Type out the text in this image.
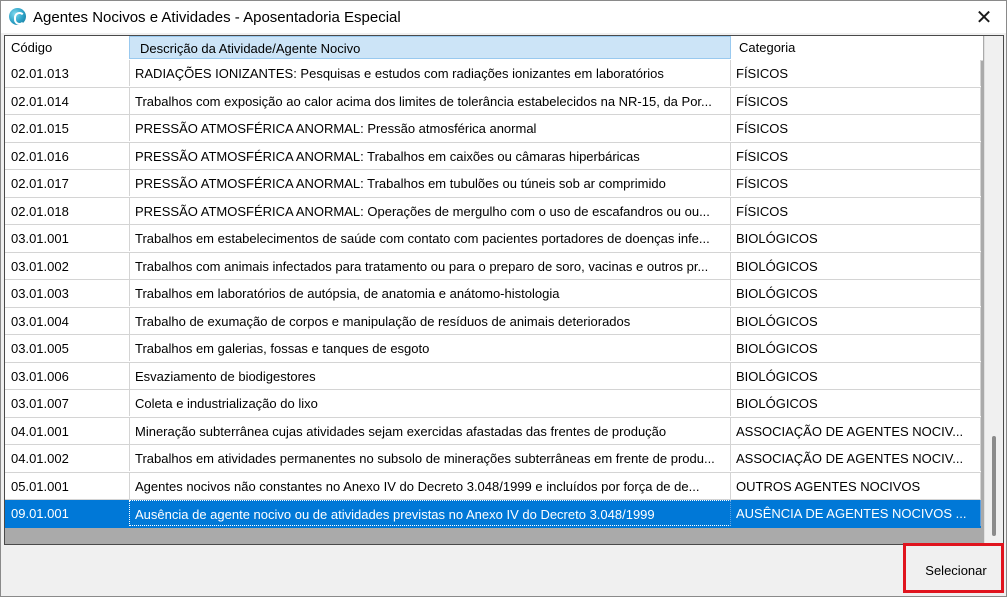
Agentes Nocivos e Atividades - Aposentadoria Especial	✕
Código	Descrição da Atividade/Agente Nocivo	Categoria
02.01.013	RADIAÇÕES IONIZANTES: Pesquisas e estudos com radiações ionizantes em laboratórios	FÍSICOS
02.01.014	Trabalhos com exposição ao calor acima dos limites de tolerância estabelecidos na NR-15, da Por...	FÍSICOS
02.01.015	PRESSÃO ATMOSFÉRICA ANORMAL: Pressão atmosférica anormal	FÍSICOS
02.01.016	PRESSÃO ATMOSFÉRICA ANORMAL: Trabalhos em caixões ou câmaras hiperbáricas	FÍSICOS
02.01.017	PRESSÃO ATMOSFÉRICA ANORMAL: Trabalhos em tubulões ou túneis sob ar comprimido	FÍSICOS
02.01.018	PRESSÃO ATMOSFÉRICA ANORMAL: Operações de mergulho com o uso de escafandros ou ou...	FÍSICOS
03.01.001	Trabalhos em estabelecimentos de saúde com contato com pacientes portadores de doenças infe...	BIOLÓGICOS
03.01.002	Trabalhos com animais infectados para tratamento ou para o preparo de soro, vacinas e outros pr...	BIOLÓGICOS
03.01.003	Trabalhos em laboratórios de autópsia, de anatomia e anátomo-histologia	BIOLÓGICOS
03.01.004	Trabalho de exumação de corpos e manipulação de resíduos de animais deteriorados	BIOLÓGICOS
03.01.005	Trabalhos em galerias, fossas e tanques de esgoto	BIOLÓGICOS
03.01.006	Esvaziamento de biodigestores	BIOLÓGICOS
03.01.007	Coleta e industrialização do lixo	BIOLÓGICOS
04.01.001	Mineração subterrânea cujas atividades sejam exercidas afastadas das frentes de produção	ASSOCIAÇÃO DE AGENTES NOCIV...
04.01.002	Trabalhos em atividades permanentes no subsolo de minerações subterrâneas em frente de produ...	ASSOCIAÇÃO DE AGENTES NOCIV...
05.01.001	Agentes nocivos não constantes no Anexo IV do Decreto 3.048/1999 e incluídos por força de de...	OUTROS AGENTES NOCIVOS
09.01.001	Ausência de agente nocivo ou de atividades previstas no Anexo IV do Decreto 3.048/1999	AUSÊNCIA DE AGENTES NOCIVOS ...
Selecionar
